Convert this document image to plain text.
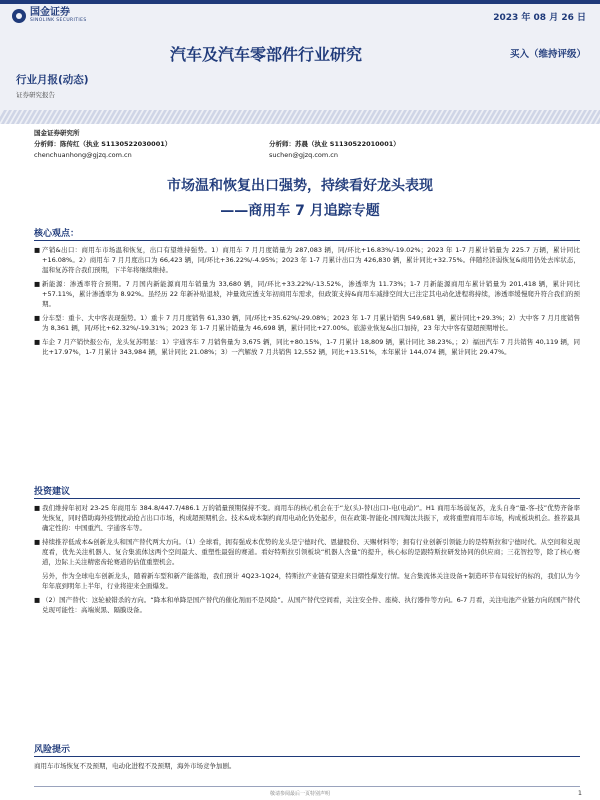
国金证券
SINOLINK SECURITIES	2023 年 08 月 26 日
汽车及汽车零部件行业研究	买入（维持评级）
行业月报(动态)
证券研究报告
国金证券研究所
分析师：陈传红（执业 S1130522030001）	分析师：苏晨（执业 S1130522010001）
chenchuanhong@gjzq.com.cn	suchen@gjzq.com.cn
市场温和恢复出口强势，持续看好龙头表现
——商用车 7 月追踪专题
核心观点：
■ 产销&出口：商用车市场温和恢复，出口有望维持强势。1）商用车 7 月月度销量为 287,083 辆，同/环比+16.83%/-19.02%；2023 年 1-7 月累计销量为 225.7 万辆，累计同比+16.08%。2）商用车 7 月月度出口为 66,423 辆，同/环比+36.22%/-4.95%；2023 年 1-7 月累计出口为 426,830 辆，累计同比+32.75%。伴随经济弱恢复&商用仍处去库状态，温和复苏符合我们预期，下半年将继续维持。
■ 新能源：渗透率符合预期。7 月国内新能源商用车销量为 33,680 辆，同/环比+33.22%/-13.52%，渗透率为 11.73%；1-7 月新能源商用车累计销量为 201,418 辆，累计同比+57.11%，累计渗透率为 8.92%。虽经历 22 年新补贴退坡，冲量效应透支年初商用车需求，但政策支持&商用车减排空间大已注定其电动化进程将持续，渗透率缓慢爬升符合我们的预期。
■ 分车型：重卡、大中客表现强势。1）重卡 7 月月度销售 61,330 辆，同/环比+35.62%/-29.08%；2023 年 1-7 月累计销售 549,681 辆，累计同比+29.3%；2）大中客 7 月月度销售为 8,361 辆，同/环比+62.32%/-19.31%；2023 年 1-7 月累计销量为 46,698 辆，累计同比+27.00%。旅游业恢复&出口加持，23 年大中客有望超预期增长。
■ 车企 7 月产销快报公布，龙头复苏明显：1）宇通客车 7 月销售量为 3,675 辆，同比+80.15%，1-7 月累计 18,809 辆，累计同比 38.23%。；2）福田汽车 7 月共销售 40,119 辆，同比+17.97%，1-7 月累计 343,984 辆，累计同比 21.08%；3）一汽解放 7 月共销售 12,552 辆，同比+13.51%，本年累计 144,074 辆，累计同比 29.47%。
投资建议
■ 我们维持年初对 23-25 年商用车 384.8/447.7/486.1 万的销量预期保持不变。商用车的核心机会在于“龙(头)-替(出口)-电(电动)”。H1 商用车场弱复苏，龙头自身“量-客-技”优势齐备率先恢复，同时借助海外疫情扰动抢占出口市场，构成超预期机会。技术&成本制约商用电动化仍处起步，但在政策-智能化-国四淘汰共振下，或将重塑商用车市场，构成板块机会。推荐最具确定性的：中国重汽、宇通客车等。
■ 持续推荐低成本&创新龙头和国产替代两大方向。（1）全球看，拥有强成本优势的龙头是宁德时代、恩捷股份、天赐材料等；拥有行业创新引领能力的是特斯拉和宁德时代。从空间和兑现度看，优先关注机器人、复合集流体这两个空间最大、重塑性最强的赛道。看好特斯拉引领板块“机器人含量”的提升，核心标的是跟特斯拉研发协同的供应商；三花智控等，除了核心赛道，边际上关注精密齿轮赛道的估值重塑机会。
另外，作为全球电车创新龙头，随着新车型和新产能落地，我们预计 4Q23-1Q24，特斯拉产业链有望迎来目熠性爆发行情。复合集流体关注设备+制造环节布局较好的标的，我们认为今年年底到明年上半年，行业将迎来全面爆发。
■ （2）国产替代：这轮被错杀的方向。“降本和单降是国产替代的催化剂而不是风险”。从国产替代空间看，关注安全件、座椅、执行器件等方向。6-7 月看，关注电池产业链方向的国产替代兑现可能性：高端炭黑、隔膜设备。
风险提示
商用车市场恢复不及预期，电动化进程不及预期，海外市场竞争加剧。
敬请参阅最后一页特别声明	1
